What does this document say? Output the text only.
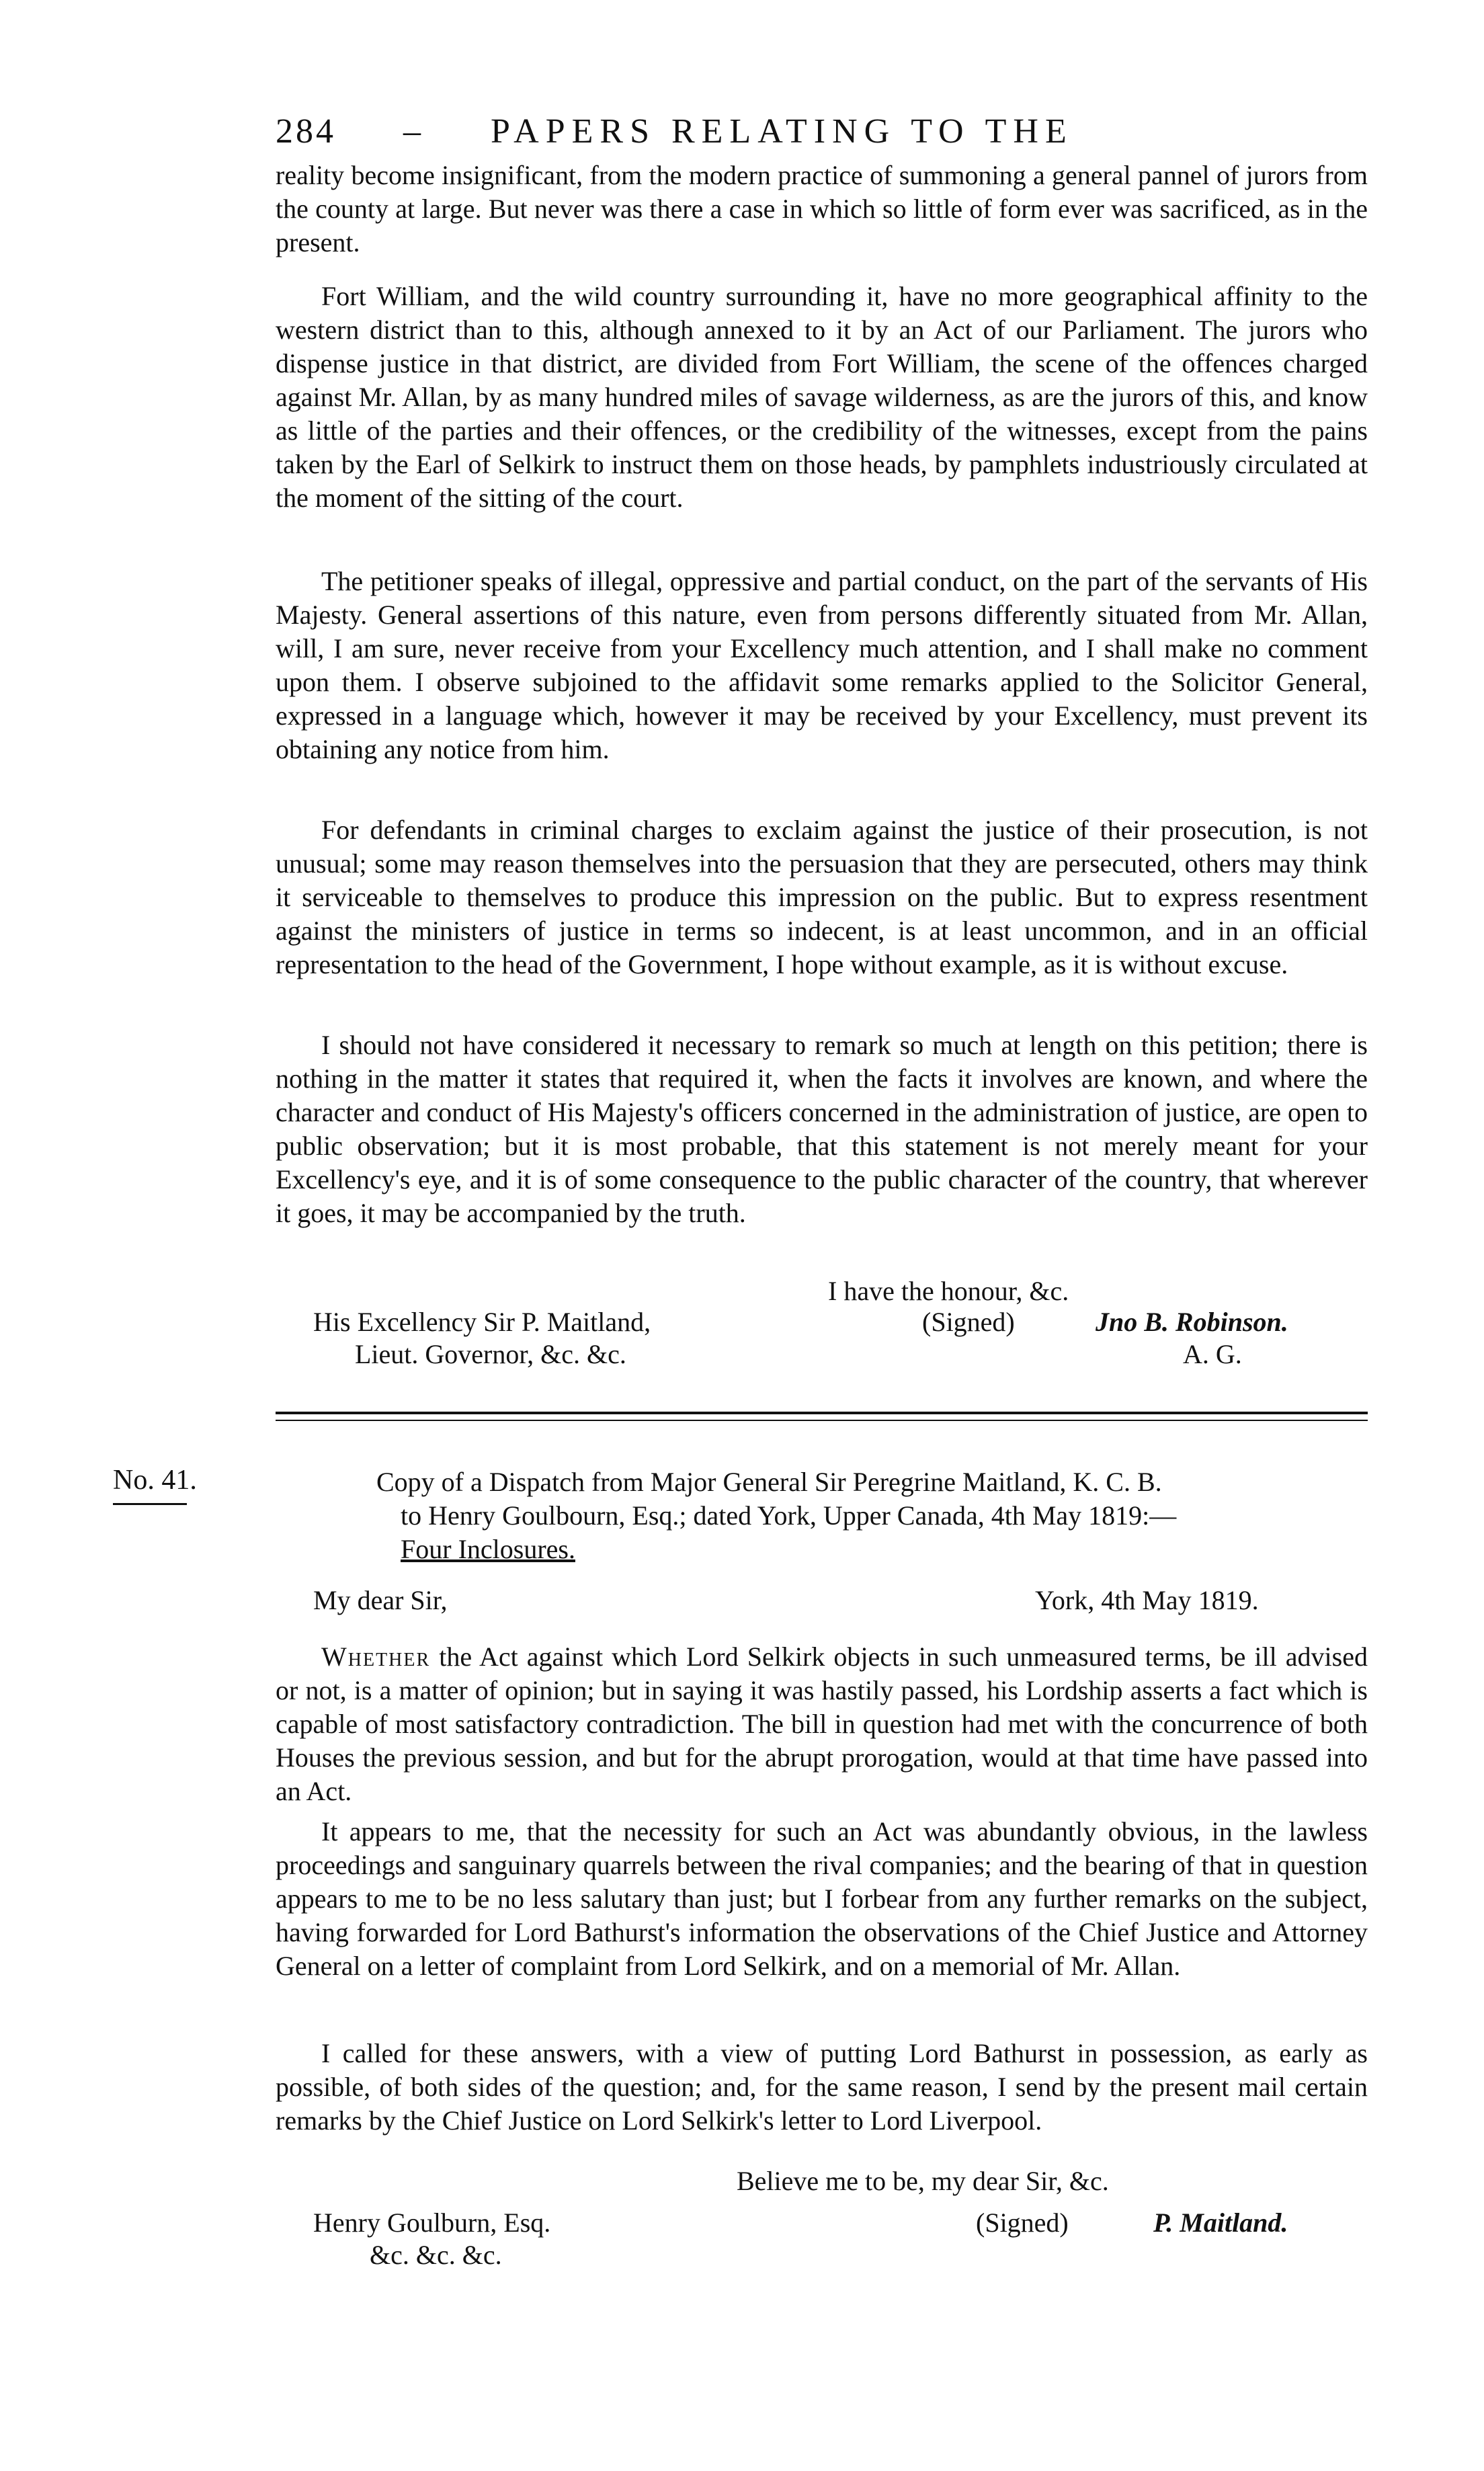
284 – PAPERS RELATING TO THE

reality become insignificant, from the modern practice of summoning a general pannel of jurors from the county at large. But never was there a case in which so little of form ever was sacrificed, as in the present.

Fort William, and the wild country surrounding it, have no more geographical affinity to the western district than to this, although annexed to it by an Act of our Parliament. The jurors who dispense justice in that district, are divided from Fort William, the scene of the offences charged against Mr. Allan, by as many hundred miles of savage wilderness, as are the jurors of this, and know as little of the parties and their offences, or the credibility of the witnesses, except from the pains taken by the Earl of Selkirk to instruct them on those heads, by pamphlets industriously circulated at the moment of the sitting of the court.

The petitioner speaks of illegal, oppressive and partial conduct, on the part of the servants of His Majesty. General assertions of this nature, even from persons differently situated from Mr. Allan, will, I am sure, never receive from your Excellency much attention, and I shall make no comment upon them. I observe subjoined to the affidavit some remarks applied to the Solicitor General, expressed in a language which, however it may be received by your Excellency, must prevent its obtaining any notice from him.

For defendants in criminal charges to exclaim against the justice of their prosecution, is not unusual; some may reason themselves into the persuasion that they are persecuted, others may think it serviceable to themselves to produce this impression on the public. But to express resentment against the ministers of justice in terms so indecent, is at least uncommon, and in an official representation to the head of the Government, I hope without example, as it is without excuse.

I should not have considered it necessary to remark so much at length on this petition; there is nothing in the matter it states that required it, when the facts it involves are known, and where the character and conduct of His Majesty's officers concerned in the administration of justice, are open to public observation; but it is most probable, that this statement is not merely meant for your Excellency's eye, and it is of some consequence to the public character of the country, that wherever it goes, it may be accompanied by the truth.

I have the honour, &c.
His Excellency Sir P. Maitland,
Lieut. Governor, &c. &c.
(Signed)	Jno B. Robinson.
A. G.
No. 41.	Copy of a Dispatch from Major General Sir Peregrine Maitland, K. C. B.
to Henry Goulbourn, Esq.; dated York, Upper Canada, 4th May 1819:—
Four Inclosures.

My dear Sir,	York, 4th May 1819.

Whether the Act against which Lord Selkirk objects in such unmeasured terms, be ill advised or not, is a matter of opinion; but in saying it was hastily passed, his Lordship asserts a fact which is capable of most satisfactory contradiction. The bill in question had met with the concurrence of both Houses the previous session, and but for the abrupt prorogation, would at that time have passed into an Act.

It appears to me, that the necessity for such an Act was abundantly obvious, in the lawless proceedings and sanguinary quarrels between the rival companies; and the bearing of that in question appears to me to be no less salutary than just; but I forbear from any further remarks on the subject, having forwarded for Lord Bathurst's information the observations of the Chief Justice and Attorney General on a letter of complaint from Lord Selkirk, and on a memorial of Mr. Allan.

I called for these answers, with a view of putting Lord Bathurst in possession, as early as possible, of both sides of the question; and, for the same reason, I send by the present mail certain remarks by the Chief Justice on Lord Selkirk's letter to Lord Liverpool.

Believe me to be, my dear Sir, &c.
Henry Goulburn, Esq.
&c. &c. &c.
(Signed)	P. Maitland.
